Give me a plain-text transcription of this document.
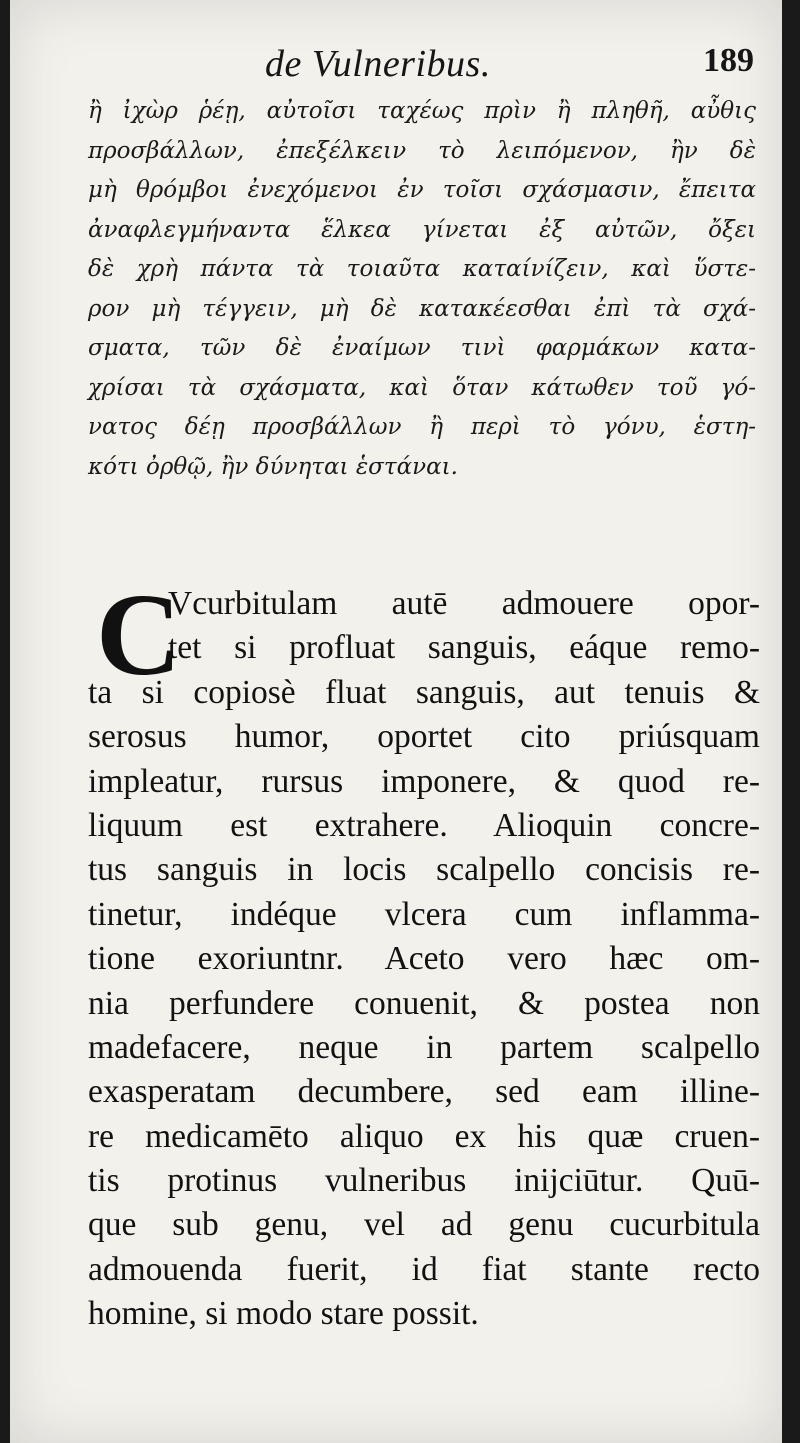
de Vulneribus.	189
ἢ ἰχὼρ ῥέῃ, αὐτοῖσι ταχέως πρὶν ἢ πληθῆ, αὖθις
προσβάλλων, ἐπεξέλκειν τὸ λειπόμενον, ἢν δὲ
μὴ θρόμβοι ἐνεχόμενοι ἐν τοῖσι σχάσμασιν, ἔπειτα
ἀναφλεγμήναντα ἕλκεα γίνεται ἐξ αὐτῶν, ὄξει
δὲ χρὴ πάντα τὰ τοιαῦτα καταίνίζειν, καὶ ὕστε-
ρον μὴ τέγγειν, μὴ δὲ κατακέεσθαι ἐπὶ τὰ σχά-
σματα, τῶν δὲ ἐναίμων τινὶ φαρμάκων κατα-
χρίσαι τὰ σχάσματα, καὶ ὅταν κάτωθεν τοῦ γό-
νατος δέῃ προσβάλλων ἢ περὶ τὸ γόνυ, ἑστη-
κότι ὀρθῷ, ἢν δύνηται ἑστάναι.
C
Vcurbitulam autē admouere opor-
tet si profluat sanguis, eáque remo-
ta si copiosè fluat sanguis, aut tenuis &
serosus humor, oportet cito priúsquam
impleatur, rursus imponere, & quod re-
liquum est extrahere. Alioquin concre-
tus sanguis in locis scalpello concisis re-
tinetur, indéque vlcera cum inflamma-
tione exoriuntnr. Aceto vero hæc om-
nia perfundere conuenit, & postea non
madefacere, neque in partem scalpello
exasperatam decumbere, sed eam illine-
re medicamēto aliquo ex his quæ cruen-
tis protinus vulneribus inijciūtur. Quū-
que sub genu, vel ad genu cucurbitula
admouenda fuerit, id fiat stante recto
homine, si modo stare possit.
